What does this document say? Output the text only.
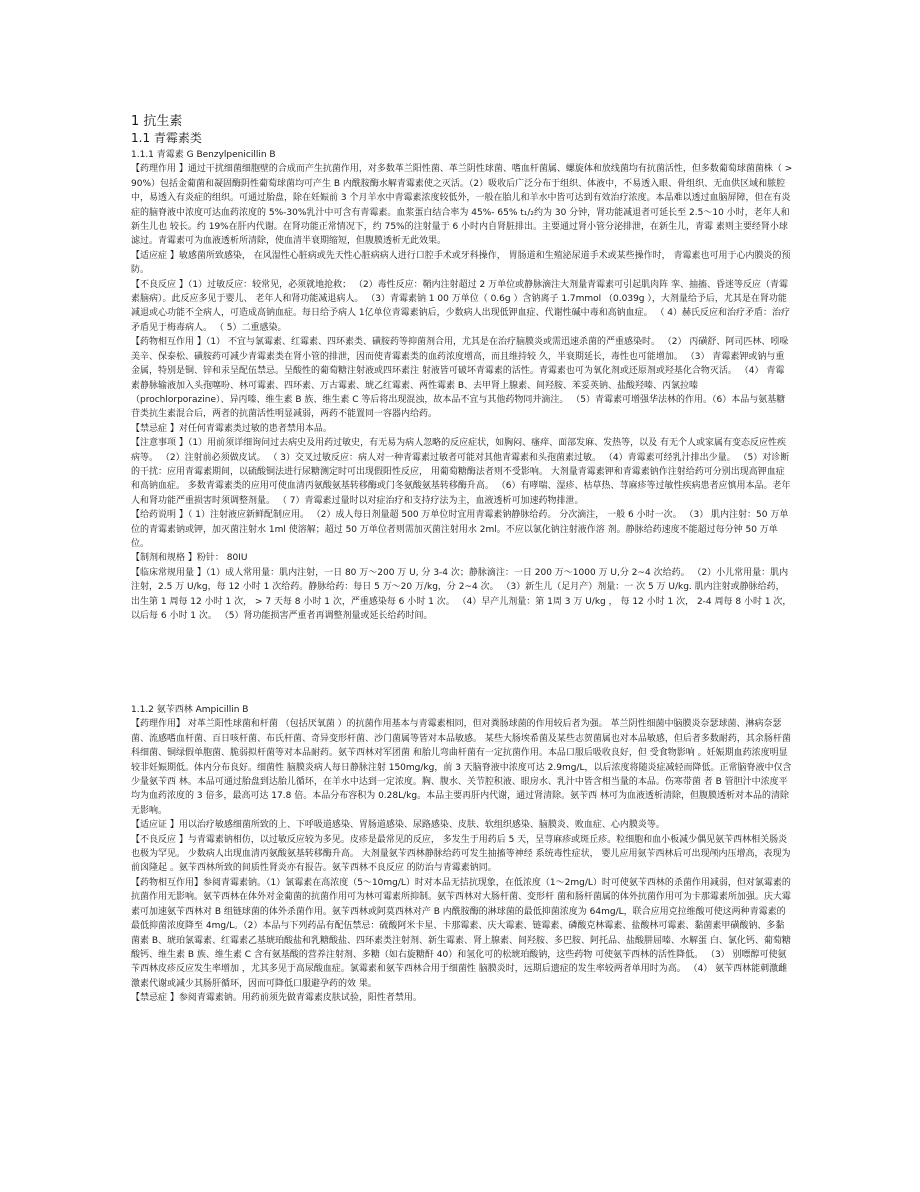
1 抗生素
1.1 青霉素类

1.1.1 青霉素 G Benzylpenicillin B

【药理作用 】通过干扰细菌细胞壁的合成而产生抗菌作用，对多数革兰阳性菌、革兰阴性球菌、嗜血杆菌属、螺旋体和放线菌均有抗菌活性，但多数葡萄球菌菌株（ > 90%）包括金葡菌和凝固酶阴性葡萄球菌均可产生 B 内酰胺酶水解青霉素使之灭活。（2）吸收后广泛分布于组织、体液中，不易透入眼、骨组织、无血供区域和脓腔中，易透入有炎症的组织。可通过胎盘，除在妊娠前 3 个月羊水中青霉素浓度较低外，一般在胎儿和羊水中皆可达到有效治疗浓度。本品难以透过血脑屏障，但在有炎症的脑脊液中浓度可达血药浓度的 5%-30%乳汁中可含有青霉素。血浆蛋白结合率为 45%- 65% t₁/₂约为 30 分钟，肾功能减退者可延长至 2.5～10 小时，老年人和新生儿也 较长。约 19%在肝内代谢。在肾功能正常情况下，约 75%的注射量于 6 小时内自肾脏排出。主要通过肾小管分泌排泄，在新生儿，青霉 素则主要经肾小球滤过。青霉素可为血液透析所清除，使血清半衰期缩短，但腹膜透析无此效果。

【适应症 】敏感菌所致感染， 在风湿性心脏病或先天性心脏病病人进行口腔手术或牙科操作， 胃肠道和生殖泌尿道手术或某些操作时， 青霉素也可用于心内膜炎的预防。

【不良反应 】（1）过敏反应：较常见，必须就地抢救； （2）毒性反应：鞘内注射超过 2 万单位或静脉滴注大剂量青霉素可引起肌肉阵 挛、抽搐、昏迷等反应（青霉素脑病）。此反应多见于婴儿、 老年人和肾功能减退病人。 （3）青霉素钠 1 00 万单位（ 0.6g ）含钠离子 1.7mmol （0.039g ），大剂量给予后，尤其是在肾功能减退或心功能不全病人，可造成高钠血症。每日给予病人 1亿单位青霉素钠后，少数病人出现低钾血症、代谢性碱中毒和高钠血症。 （ 4）赫氏反应和治疗矛盾：治疗矛盾见于梅毒病人。 （ 5）二重感染。

【药物相互作用 】（1） 不宜与氯霉素、红霉素、四环素类、磺胺药等抑菌剂合用，尤其是在治疗脑膜炎或需迅速杀菌的严重感染时。 （2） 丙磺舒、阿司匹林、吲哚美辛、保泰松、磺胺药可减少青霉素类在肾小管的排泄，因而使青霉素类的血药浓度增高，而且维持较 久，半衰期延长，毒性也可能增加。 （3） 青霉素钾或钠与重金属，特别是铜、锌和汞呈配伍禁忌。呈酸性的葡萄糖注射液或四环素注 射液皆可破坏青霉素的活性。青霉素也可为氧化剂或还原剂或羟基化合物灭活。 （4） 青霉素静脉输液加入头孢噻吩、林可霉素、四环素、万古霉素、琥乙红霉素、两性霉素 B、去甲肾上腺素、间羟胺、苯妥英钠、盐酸羟嗪、丙氯拉嗪 （prochlorporazine）、异丙嗪、维生素 B 族、维生素 C 等后将出现混浊，故本品不宜与其他药物同并滴注。 （5）青霉素可增强华法林的作用。（6）本品与氨基糖苷类抗生素混合后，两者的抗菌活性明显减弱，两药不能置同一容器内给药。

【禁忌症 】对任何青霉素类过敏的患者禁用本品。

【注意事项 】（1）用前须详细询问过去病史及用药过敏史，有无易为病人忽略的反应症状，如胸闷、瘙痒、面部发麻、发热等，以及 有无个人或家属有变态反应性疾病等。 （2）注射前必须做皮试。 （ 3）交叉过敏反应：病人对一种青霉素过敏者可能对其他青霉素和头孢菌素过敏。 （4）青霉素可经乳汁排出少量。 （5）对诊断的干扰：应用青霉素期间，以硫酸铜法进行尿糖测定时可出现假阳性反应， 用葡萄糖酶法者则不受影响。 大剂量青霉素钾和青霉素钠作注射给药可分别出现高钾血症和高钠血症。 多数青霉素类的应用可使血清丙氨酸氨基转移酶或门冬氨酸氨基转移酶升高。 （6）有哮喘、湿疹、枯草热、荨麻疹等过敏性疾病患者应慎用本品。老年人和肾功能严重损害时须调整剂量。 （ 7）青霉素过量时以对症治疗和支持疗法为主，血液透析可加速药物排泄。

【给药说明 】（ 1）注射液应新鲜配制应用。 （2）成人每日剂量超 500 万单位时宜用青霉素钠静脉给药。 分次滴注， 一般 6 小时一次。 （3） 肌内注射：50 万单位的青霉素钠或钾，加灭菌注射水 1ml 使溶解；超过 50 万单位者则需加灭菌注射用水 2ml。不应以氯化钠注射液作溶 剂。静脉给药速度不能超过每分钟 50 万单位。

【制剂和规格 】粉针： 80IU

【临床常规用量 】（1）成人常用量：肌内注射，一日 80 万～200 万 U, 分 3-4 次；静脉滴注：一日 200 万～1000 万 U,分 2~4 次给药。 （2）小儿常用量：肌内注射，2.5 万 U/kg，每 12 小时 1 次给药。静脉给药：每日 5 万～20 万/kg，分 2~4 次。 （3）新生儿（足月产）剂量：一 次 5 万 U/kg. 肌内注射或静脉给药，出生第 1 周每 12 小时 1 次， > 7 天每 8 小时 1 次，严重感染每 6 小时 1 次。 （4）早产儿剂量：第 1周 3 万 U/kg ， 每 12 小时 1 次， 2-4 周每 8 小时 1 次，以后每 6 小时 1 次。 （5）肾功能损害严重者再调整剂量或延长给药时间。

1.1.2 氨苄西林 Ampicillin B

【药理作用】 对革兰阳性球菌和杆菌 （包括厌氧菌 ）的抗菌作用基本与青霉素相同，但对粪肠球菌的作用较后者为强。 革兰阴性细菌中脑膜炎奈瑟球菌、淋病奈瑟菌、流感嗜血杆菌、百日咳杆菌、布氏杆菌、奇异变形杆菌、沙门菌属等皆对本品敏感。 某些大肠埃希菌及某些志贺菌属也对本品敏感，但后者多数耐药，其余肠杆菌科细菌、铜绿假单胞菌、脆弱拟杆菌等对本品耐药。氨苄西林对军团菌 和胎儿弯曲杆菌有一定抗菌作用。本品口服后吸收良好，但 受食物影响 。妊娠期血药浓度明显较非妊娠期低。体内分布良好。细菌性 脑膜炎病人每日静脉注射 150mg/kg，前 3 天脑脊液中浓度可达 2.9mg/L，以后浓度将随炎症减轻而降低。正常脑脊液中仅含少量氨苄西 林。本品可通过胎盘到达胎儿循环，在羊水中达到一定浓度。胸、腹水、关节腔积液、眼房水、乳汁中皆含相当量的本品。伤寒带菌 者 B 管胆汁中浓度平均为血药浓度的 3 倍多，最高可达 17.8 倍。本品分布容积为 0.28L/kg。本品主要再肝内代谢，通过肾清除。氨苄西 林可为血液透析清除，但腹膜透析对本品的清除无影响。

【适应证 】用以治疗敏感细菌所致的上、下呼吸道感染、胃肠道感染、尿路感染、皮肤、软组织感染、脑膜炎、败血症、心内膜炎等。

【不良反应 】与青霉素钠相仿，以过敏反应较为多见。皮疹是最常见的反应， 多发生于用药后 5 天，呈荨麻疹或斑丘疹。粒细胞和血小板减少偶见氨苄西林相关肠炎也极为罕见。 少数病人出现血清丙氨酸氨基转移酶升高。 大剂量氨苄西林静脉给药可发生抽搐等神经 系统毒性症状， 婴儿应用氨苄西林后可出现颅内压增高，表现为前囟隆起 。氨苄西林所致的间质性肾炎亦有报告。氨苄西林不良反应 的防治与青霉素钠同。

【药物相互作用】参阅青霉素钠。（1）氯霉素在高浓度（5～10mg/L）时对本品无拮抗现象，在低浓度（1～2mg/L）时可使氨苄西林的杀菌作用减弱，但对氯霉素的抗菌作用无影响。氨苄西林在体外对金葡菌的抗菌作用可为林可霉素所抑制。氨苄西林对大肠杆菌、变形杆 菌和肠杆菌属的体外抗菌作用可为卡那霉素所加强。庆大霉素可加速氨苄西林对 B 组链球菌的体外杀菌作用。氨苄西林或阿莫西林对产 B 内酰胺酶的淋球菌的最低抑菌浓度为 64mg/L，联合应用克拉维酸可使这两种青霉素的最低抑菌浓度降至 4mg/L。（2）本品与下列药品有配伍禁忌：硫酸阿米卡星、卡那霉素、庆大霉素、链霉素、磷酸克林霉素、盐酸林可霉素、黏菌素甲磺酸钠、多黏菌素 B、琥珀氯霉素、红霉素乙基琥珀酸盐和乳糖酸盐、四环素类注射剂、新生霉素、肾上腺素、间羟胺、多巴胺、阿托品、盐酸肼屈嗪、水解蛋 白、氯化钙、葡萄糖酸钙、维生素 B 族、维生素 C 含有氨基酸的营养注射剂、多糖（如右旋糖酐 40）和氢化可的松琥珀酸钠，这些药物 可使氨苄西林的活性降低。 （3） 别嘌醇可使氨苄西林皮疹反应发生率增加 ，尤其多见于高尿酸血症。氯霉素和氨苄西林合用于细菌性 脑膜炎时，远期后遗症的发生率较两者单用时为高。 （4） 氨苄西林能刺激雌激素代谢或减少其肠肝循环，因而可降低口服避孕药的效 果。

【禁忌症 】参阅青霉素钠。用药前须先做青霉素皮肤试验，阳性者禁用。
